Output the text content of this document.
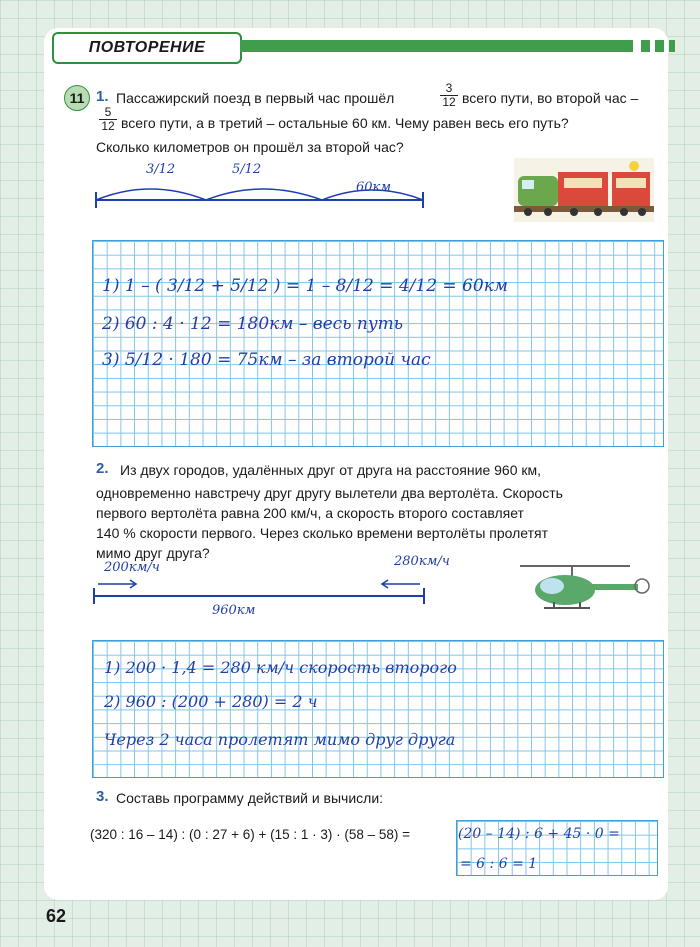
ПОВТОРЕНИЕ
11 1. Пассажирский поезд в первый час прошёл	$\frac{3}{12}$ всего пути, во второй час –
$\frac{5}{12}$ всего пути, а в третий – остальные 60 км. Чему равен весь его путь?
Сколько километров он прошёл за второй час?
3/12	5/12
60км
1) 1 – ( 3/12 + 5/12 ) = 1 – 8/12 = 4/12 = 60км
2) 60 : 4 · 12 = 180км – весь путь
3) 5/12 · 180 = 75км – за второй час
2. Из двух городов, удалённых друг от друга на расстояние 960 км,
одновременно навстречу друг другу вылетели два вертолёта. Скорость
первого вертолёта равна 200 км/ч, а скорость второго составляет
140 % скорости первого. Через сколько времени вертолёты пролетят
мимо друг друга?
200км/ч	280км/ч
960км
1) 200 · 1,4 = 280 км/ч скорость второго
2) 960 : (200 + 280) = 2 ч
Через 2 часа пролетят мимо друг друга
3. Составь программу действий и вычисли:
(320 : 16 – 14) : (0 : 27 + 6) + (15 : 1 · 3) · (58 – 58) =	(20 – 14) : 6 + 45 · 0 =
= 6 : 6 = 1
62
